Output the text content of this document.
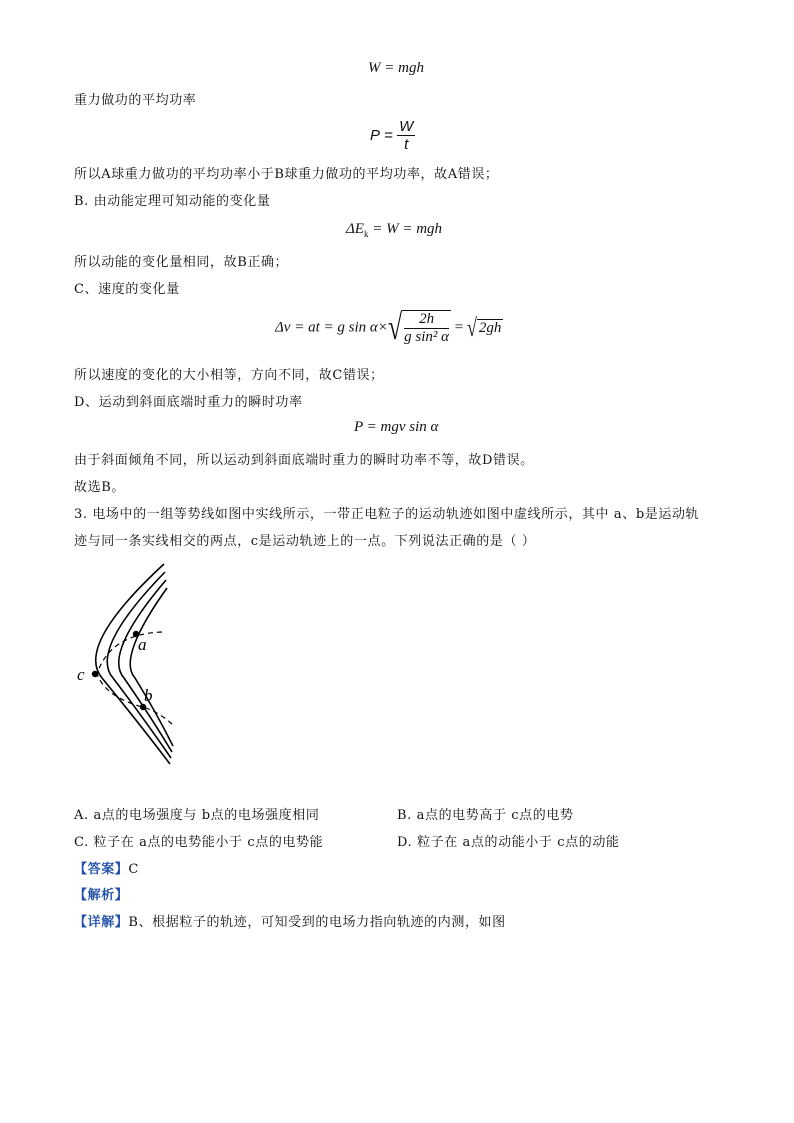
W = mgh
重力做功的平均功率
$P = \frac{W}{t}$
所以A球重力做功的平均功率小于B球重力做功的平均功率，故A错误；
B. 由动能定理可知动能的变化量
$\Delta E_k = W$ = mgh
所以动能的变化量相同，故B正确；
C、速度的变化量
Δv = at = g $\sin \alpha\times√ \frac{2h}{\text{g sin² α}}$ = √ 2gh
所以速度的变化的大小相等，方向不同，故C错误；
D、运动到斜面底端时重力的瞬时功率
P = mgv sin α
由于斜面倾角不同，所以运动到斜面底端时重力的瞬时功率不等，故D错误。
故选B。
3. 电场中的一组等势线如图中实线所示，一带正电粒子的运动轨迹如图中虚线所示，其中 a、b是运动轨
迹与同一条实线相交的两点，c是运动轨迹上的一点。下列说法正确的是（ ）
a
b
c
A. a点的电场强度与 b点的电场强度相同	B. a点的电势高于 c点的电势
C. 粒子在 a点的电势能小于 c点的电势能	D. 粒子在 a点的动能小于 c点的动能
【答案】C
【解析】
【详解】B、根据粒子的轨迹，可知受到的电场力指向轨迹的内测，如图
